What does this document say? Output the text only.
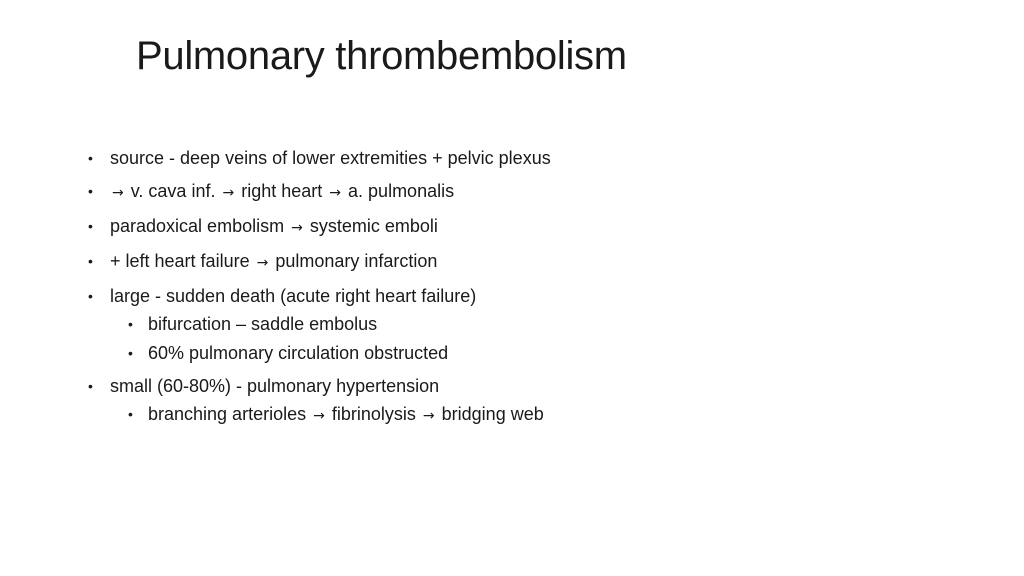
Pulmonary thrombembolism
• source - deep veins of lower extremities + pelvic plexus
• → v. cava inf. → right heart → a. pulmonalis
• paradoxical embolism → systemic emboli
• + left heart failure → pulmonary infarction
• large - sudden death (acute right heart failure)
• bifurcation – saddle embolus
• 60% pulmonary circulation obstructed
• small (60-80%) - pulmonary hypertension
• branching arterioles → fibrinolysis → bridging web
